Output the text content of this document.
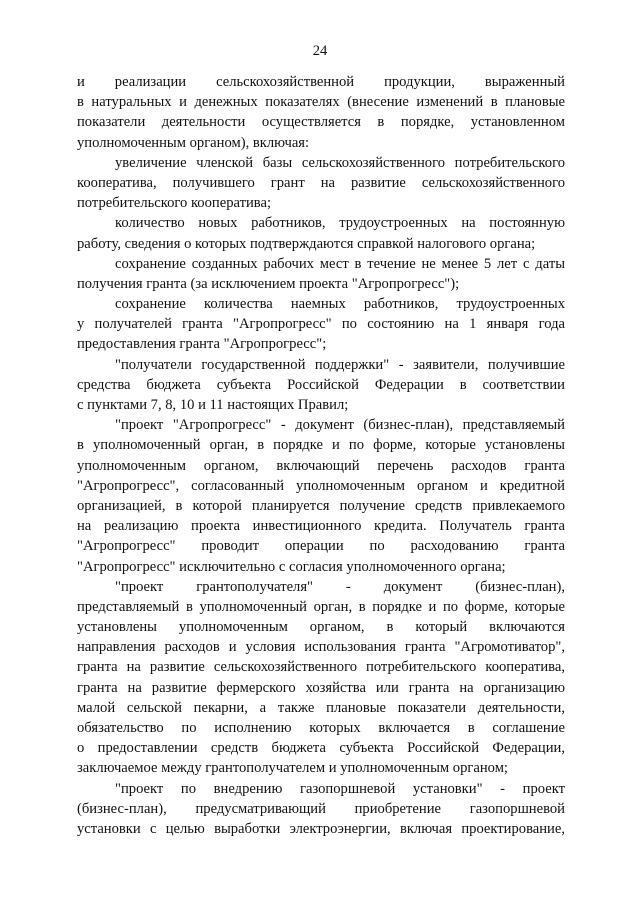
24
и реализации сельскохозяйственной продукции, выраженный
в натуральных и денежных показателях (внесение изменений в плановые
показатели деятельности осуществляется в порядке, установленном
уполномоченным органом), включая:
увеличение членской базы сельскохозяйственного потребительского
кооператива, получившего грант на развитие сельскохозяйственного
потребительского кооператива;
количество новых работников, трудоустроенных на постоянную
работу, сведения о которых подтверждаются справкой налогового органа;
сохранение созданных рабочих мест в течение не менее 5 лет с даты
получения гранта (за исключением проекта "Агропрогресс");
сохранение количества наемных работников, трудоустроенных
у получателей гранта "Агропрогресс" по состоянию на 1 января года
предоставления гранта "Агропрогресс";
"получатели государственной поддержки" - заявители, получившие
средства бюджета субъекта Российской Федерации в соответствии
с пунктами 7, 8, 10 и 11 настоящих Правил;
"проект "Агропрогресс" - документ (бизнес-план), представляемый
в уполномоченный орган, в порядке и по форме, которые установлены
уполномоченным органом, включающий перечень расходов гранта
"Агропрогресс", согласованный уполномоченным органом и кредитной
организацией, в которой планируется получение средств привлекаемого
на реализацию проекта инвестиционного кредита. Получатель гранта
"Агропрогресс" проводит операции по расходованию гранта
"Агропрогресс" исключительно с согласия уполномоченного органа;
"проект грантополучателя" - документ (бизнес-план),
представляемый в уполномоченный орган, в порядке и по форме, которые
установлены уполномоченным органом, в который включаются
направления расходов и условия использования гранта "Агромотиватор",
гранта на развитие сельскохозяйственного потребительского кооператива,
гранта на развитие фермерского хозяйства или гранта на организацию
малой сельской пекарни, а также плановые показатели деятельности,
обязательство по исполнению которых включается в соглашение
о предоставлении средств бюджета субъекта Российской Федерации,
заключаемое между грантополучателем и уполномоченным органом;
"проект по внедрению газопоршневой установки" - проект
(бизнес-план), предусматривающий приобретение газопоршневой
установки с целью выработки электроэнергии, включая проектирование,
